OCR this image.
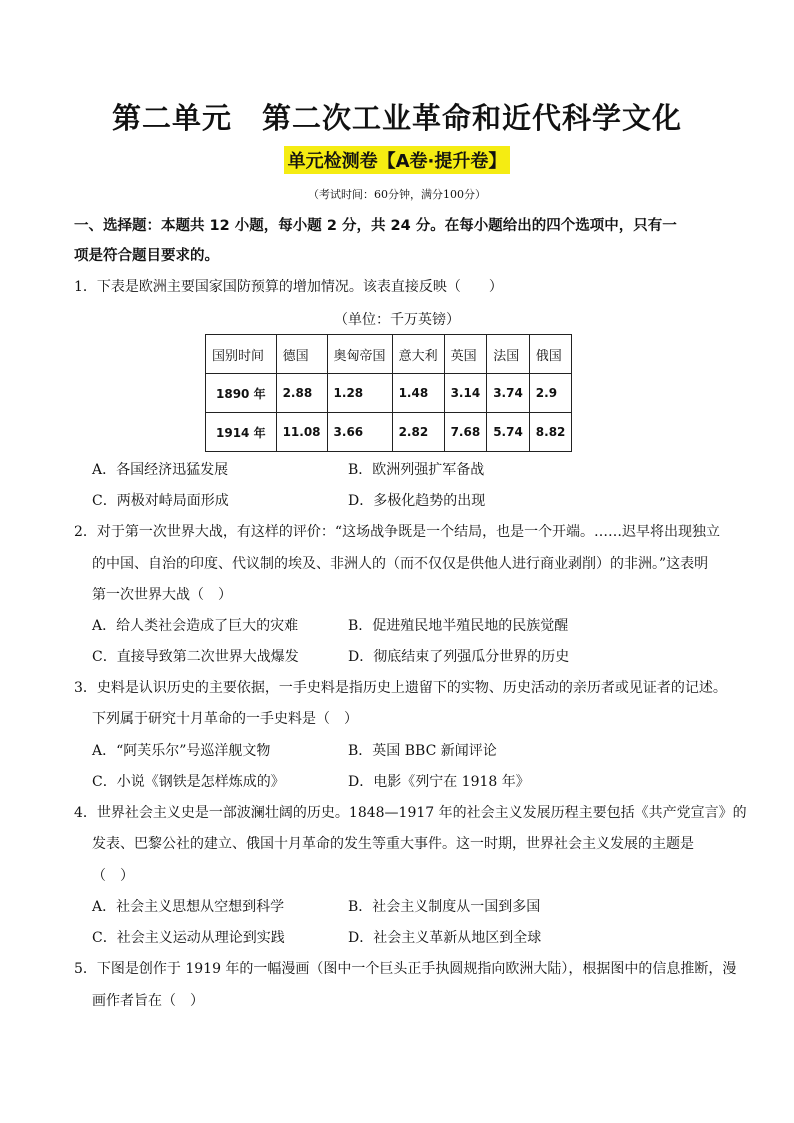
第二单元　第二次工业革命和近代科学文化
单元检测卷【A卷·提升卷】
（考试时间：60分钟，满分100分）
一、选择题：本题共 12 小题，每小题 2 分，共 24 分。在每小题给出的四个选项中，只有一
项是符合题目要求的。
1．下表是欧洲主要国家国防预算的增加情况。该表直接反映（　　）
（单位：千万英镑）
国别时间	德国	奥匈帝国	意大利	英国	法国	俄国
1890 年	2.88	1.28	1.48	3.14	3.74	2.9
1914 年	11.08	3.66	2.82	7.68	5.74	8.82
A．各国经济迅猛发展	B．欧洲列强扩军备战
C．两极对峙局面形成	D．多极化趋势的出现
2．对于第一次世界大战，有这样的评价：“这场战争既是一个结局，也是一个开端。……迟早将出现独立
的中国、自治的印度、代议制的埃及、非洲人的（而不仅仅是供他人进行商业剥削）的非洲。”这表明
第一次世界大战（　）
A．给人类社会造成了巨大的灾难	B．促进殖民地半殖民地的民族觉醒
C．直接导致第二次世界大战爆发	D．彻底结束了列强瓜分世界的历史
3．史料是认识历史的主要依据，一手史料是指历史上遗留下的实物、历史活动的亲历者或见证者的记述。
下列属于研究十月革命的一手史料是（　）
A．“阿芙乐尔”号巡洋舰文物	B．英国 BBC 新闻评论
C．小说《钢铁是怎样炼成的》	D．电影《列宁在 1918 年》
4．世界社会主义史是一部波澜壮阔的历史。1848—1917 年的社会主义发展历程主要包括《共产党宣言》的
发表、巴黎公社的建立、俄国十月革命的发生等重大事件。这一时期，世界社会主义发展的主题是
（　）
A．社会主义思想从空想到科学	B．社会主义制度从一国到多国
C．社会主义运动从理论到实践	D．社会主义革新从地区到全球
5．下图是创作于 1919 年的一幅漫画（图中一个巨头正手执圆规指向欧洲大陆），根据图中的信息推断，漫
画作者旨在（　）
